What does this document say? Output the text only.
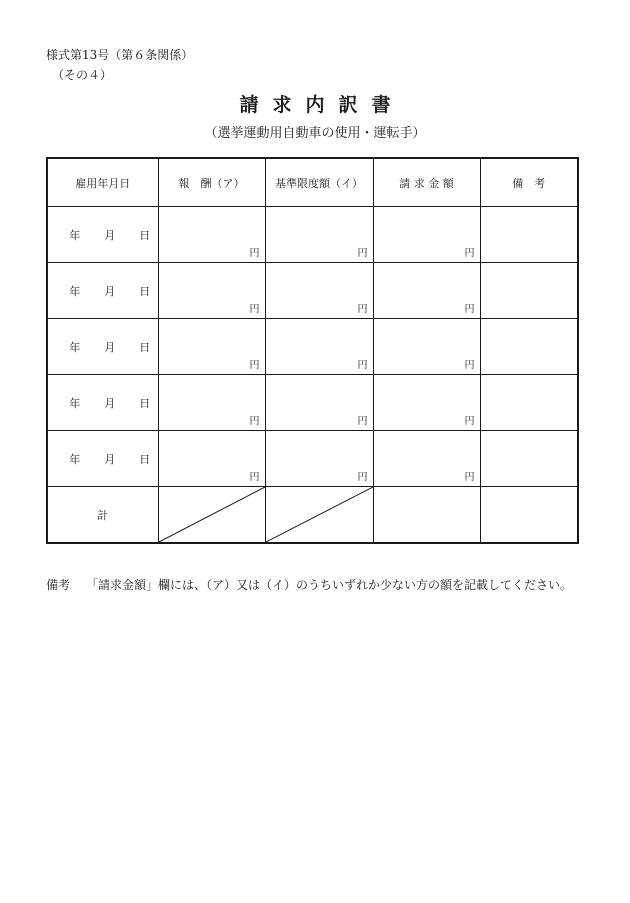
様式第13号（第６条関係）
（その４）
請求内訳書
（選挙運動用自動車の使用・運転手）
雇用年月日	報　酬（ア）	基準限度額（イ）	請 求 金 額	備　考
年 月 日	円	円	円	

年 月 日	円	円	円	

年 月 日	円	円	円	

年 月 日	円	円	円	

年 月 日	円	円	円	

計	

備考 「請求金額」欄には、（ア）又は（イ）のうちいずれか少ない方の額を記載してください。
